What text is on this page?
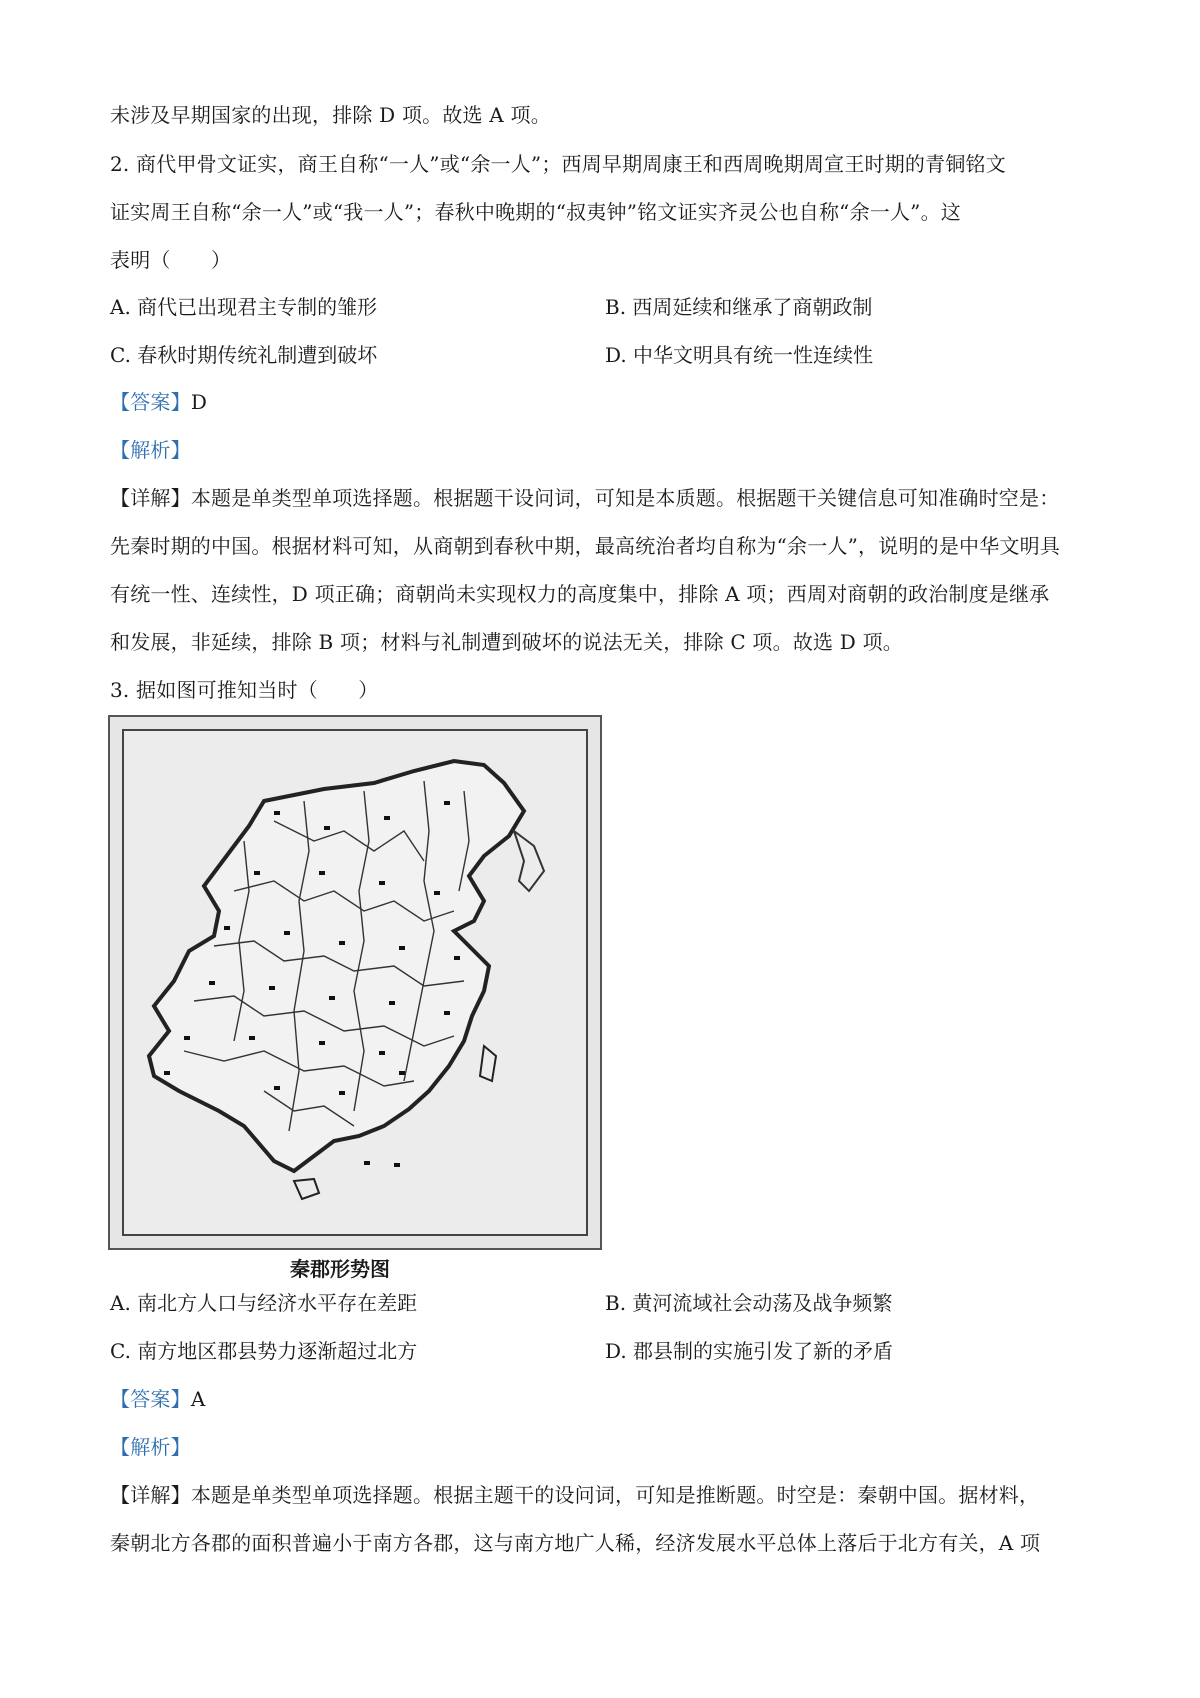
未涉及早期国家的出现，排除 D 项。故选 A 项。
2. 商代甲骨文证实，商王自称“一人”或“余一人”；西周早期周康王和西周晚期周宣王时期的青铜铭文
证实周王自称“余一人”或“我一人”；春秋中晚期的“叔夷钟”铭文证实齐灵公也自称“余一人”。这
表明（　　）
A. 商代已出现君主专制的雏形	B. 西周延续和继承了商朝政制
C. 春秋时期传统礼制遭到破坏	D. 中华文明具有统一性连续性
【答案】D
【解析】
【详解】本题是单类型单项选择题。根据题干设问词，可知是本质题。根据题干关键信息可知准确时空是：
先秦时期的中国。根据材料可知，从商朝到春秋中期，最高统治者均自称为“余一人”，说明的是中华文明具
有统一性、连续性，D 项正确；商朝尚未实现权力的高度集中，排除 A 项；西周对商朝的政治制度是继承
和发展，非延续，排除 B 项；材料与礼制遭到破坏的说法无关，排除 C 项。故选 D 项。
3. 据如图可推知当时（　　）
秦郡形势图
A. 南北方人口与经济水平存在差距	B. 黄河流域社会动荡及战争频繁
C. 南方地区郡县势力逐渐超过北方	D. 郡县制的实施引发了新的矛盾
【答案】A
【解析】
【详解】本题是单类型单项选择题。根据主题干的设问词，可知是推断题。时空是：秦朝中国。据材料，
秦朝北方各郡的面积普遍小于南方各郡，这与南方地广人稀，经济发展水平总体上落后于北方有关，A 项
